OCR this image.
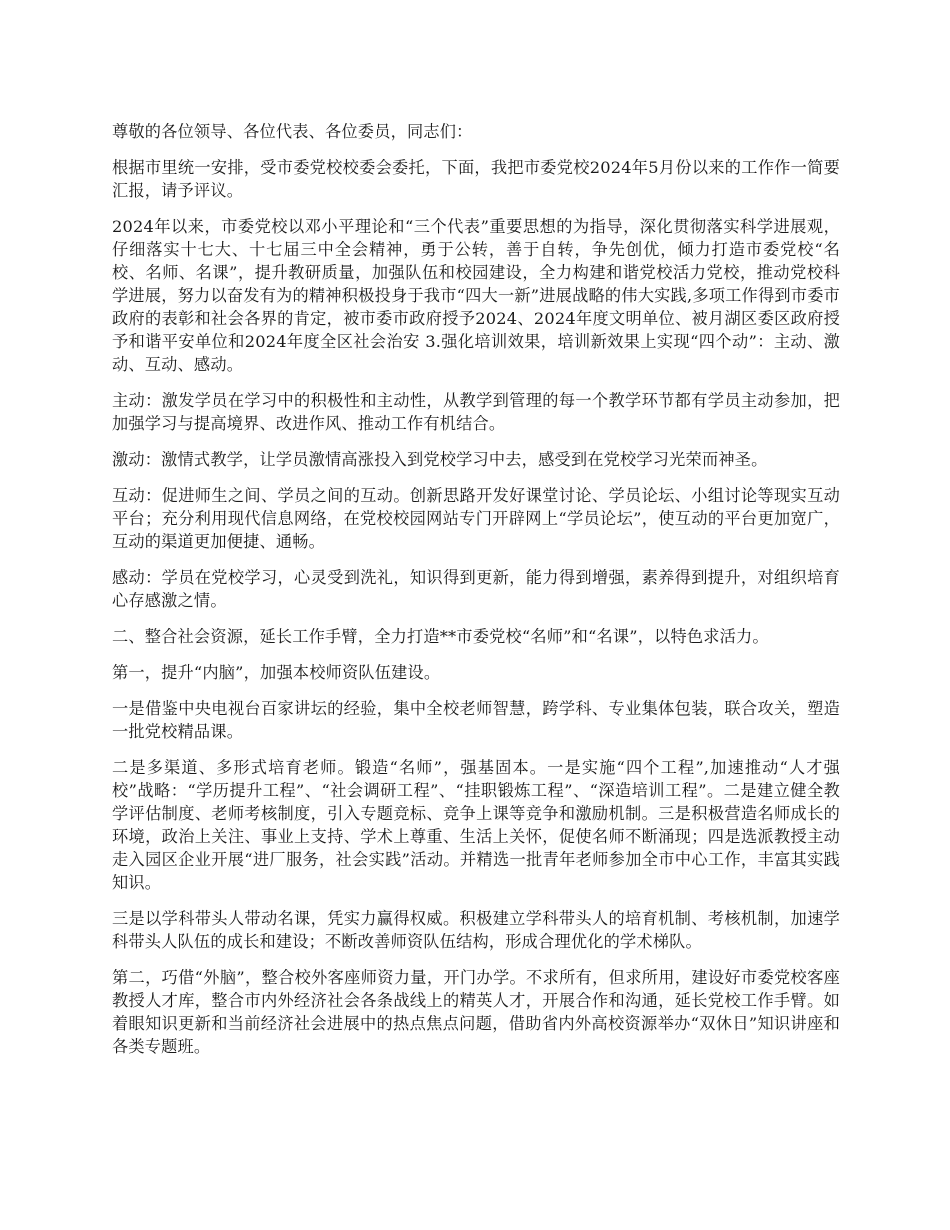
尊敬的各位领导、各位代表、各位委员，同志们：

根据市里统一安排，受市委党校校委会委托，下面，我把市委党校2024年5月份以来的工作作一简要汇报，请予评议。

2024年以来，市委党校以邓小平理论和“三个代表”重要思想的为指导，深化贯彻落实科学进展观，仔细落实十七大、十七届三中全会精神，勇于公转，善于自转，争先创优，倾力打造市委党校“名校、名师、名课”，提升教研质量，加强队伍和校园建设，全力构建和谐党校活力党校，推动党校科学进展，努力以奋发有为的精神积极投身于我市“四大一新”进展战略的伟大实践,多项工作得到市委市政府的表彰和社会各界的肯定，被市委市政府授予2024、2024年度文明单位、被月湖区委区政府授予和谐平安单位和2024年度全区社会治安 3.强化培训效果，培训新效果上实现“四个动”：主动、激动、互动、感动。

主动：激发学员在学习中的积极性和主动性，从教学到管理的每一个教学环节都有学员主动参加，把加强学习与提高境界、改进作风、推动工作有机结合。

激动：激情式教学，让学员激情高涨投入到党校学习中去，感受到在党校学习光荣而神圣。

互动：促进师生之间、学员之间的互动。创新思路开发好课堂讨论、学员论坛、小组讨论等现实互动平台；充分利用现代信息网络，在党校校园网站专门开辟网上“学员论坛”，使互动的平台更加宽广，互动的渠道更加便捷、通畅。

感动：学员在党校学习，心灵受到洗礼，知识得到更新，能力得到增强，素养得到提升，对组织培育心存感激之情。

二、整合社会资源，延长工作手臂，全力打造**市委党校“名师”和“名课”，以特色求活力。

第一，提升“内脑”，加强本校师资队伍建设。

一是借鉴中央电视台百家讲坛的经验，集中全校老师智慧，跨学科、专业集体包装，联合攻关，塑造一批党校精品课。

二是多渠道、多形式培育老师。锻造“名师”，强基固本。一是实施“四个工程”,加速推动“人才强校”战略：“学历提升工程”、“社会调研工程”、“挂职锻炼工程”、“深造培训工程”。二是建立健全教学评估制度、老师考核制度，引入专题竞标、竞争上课等竞争和激励机制。三是积极营造名师成长的环境，政治上关注、事业上支持、学术上尊重、生活上关怀，促使名师不断涌现；四是选派教授主动走入园区企业开展“进厂服务，社会实践”活动。并精选一批青年老师参加全市中心工作，丰富其实践知识。

三是以学科带头人带动名课，凭实力赢得权威。积极建立学科带头人的培育机制、考核机制，加速学科带头人队伍的成长和建设；不断改善师资队伍结构，形成合理优化的学术梯队。

第二，巧借“外脑”，整合校外客座师资力量，开门办学。不求所有，但求所用，建设好市委党校客座教授人才库，整合市内外经济社会各条战线上的精英人才，开展合作和沟通，延长党校工作手臂。如着眼知识更新和当前经济社会进展中的热点焦点问题，借助省内外高校资源举办“双休日”知识讲座和各类专题班。
